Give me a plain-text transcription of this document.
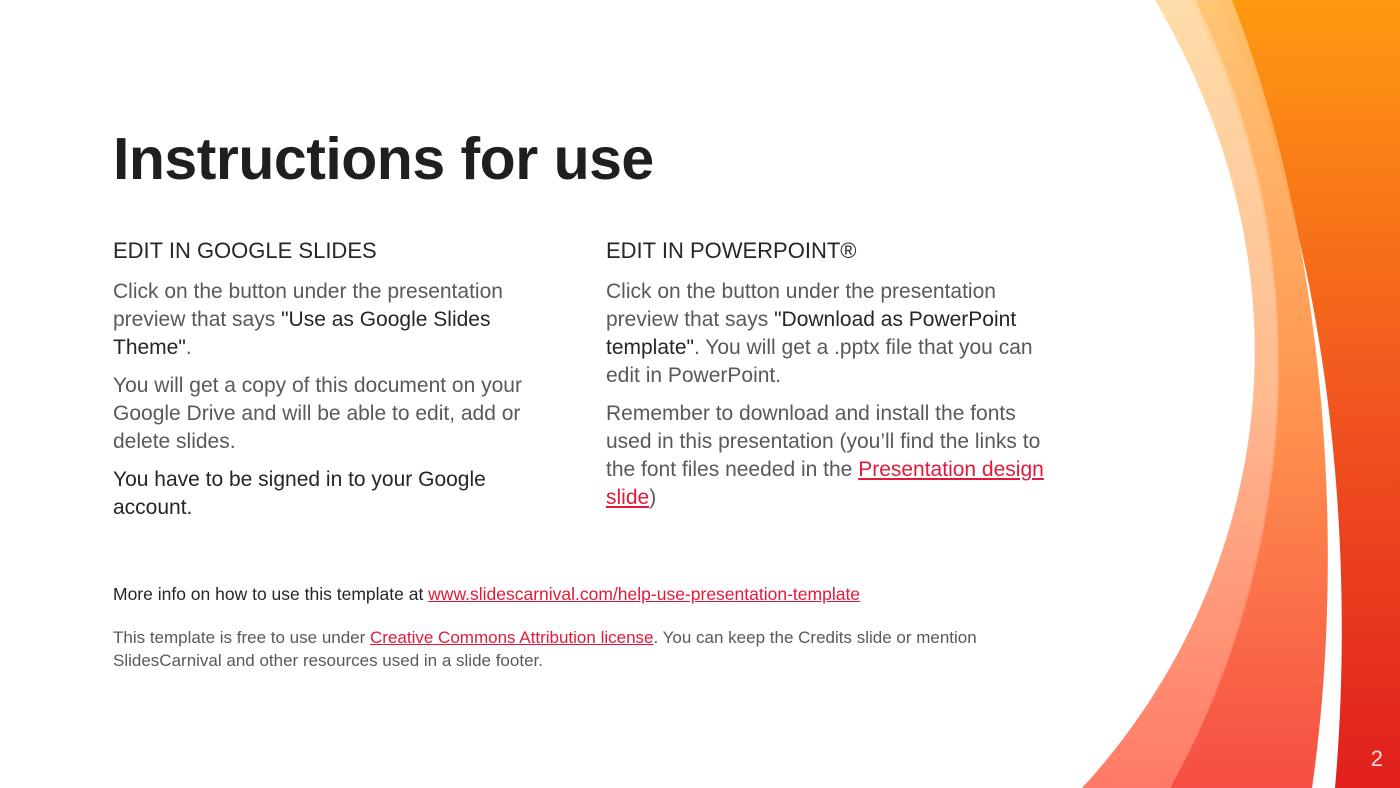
Instructions for use
EDIT IN GOOGLE SLIDES

Click on the button under the presentation preview that says "Use as Google Slides Theme".

You will get a copy of this document on your Google Drive and will be able to edit, add or delete slides.

You have to be signed in to your Google account.

EDIT IN POWERPOINT®

Click on the button under the presentation preview that says "Download as PowerPoint template". You will get a .pptx file that you can edit in PowerPoint.

Remember to download and install the fonts used in this presentation (you’ll find the links to the font files needed in the Presentation design slide)

More info on how to use this template at www.slidescarnival.com/help-use-presentation-template

This template is free to use under Creative Commons Attribution license. You can keep the Credits slide or mention SlidesCarnival and other resources used in a slide footer.

2
